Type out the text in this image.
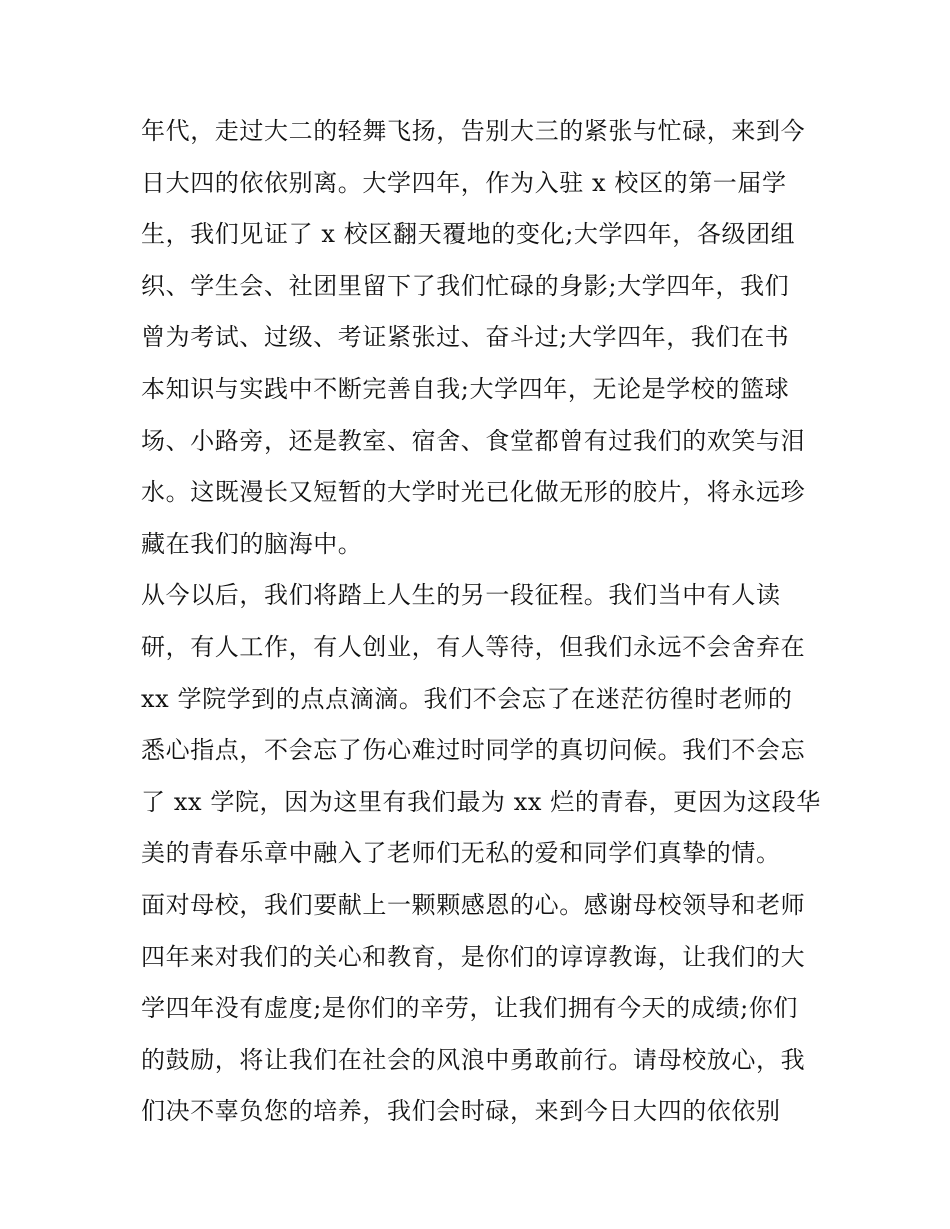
年代，走过大二的轻舞飞扬，告别大三的紧张与忙碌，来到今
日大四的依依别离。大学四年，作为入驻 x 校区的第一届学
生，我们见证了 x 校区翻天覆地的变化;大学四年，各级团组
织、学生会、社团里留下了我们忙碌的身影;大学四年，我们
曾为考试、过级、考证紧张过、奋斗过;大学四年，我们在书
本知识与实践中不断完善自我;大学四年，无论是学校的篮球
场、小路旁，还是教室、宿舍、食堂都曾有过我们的欢笑与泪
水。这既漫长又短暂的大学时光已化做无形的胶片，将永远珍
藏在我们的脑海中。
从今以后，我们将踏上人生的另一段征程。我们当中有人读
研，有人工作，有人创业，有人等待，但我们永远不会舍弃在
xx 学院学到的点点滴滴。我们不会忘了在迷茫彷徨时老师的
悉心指点，不会忘了伤心难过时同学的真切问候。我们不会忘
了 xx 学院，因为这里有我们最为 xx 烂的青春，更因为这段华
美的青春乐章中融入了老师们无私的爱和同学们真挚的情。
面对母校，我们要献上一颗颗感恩的心。感谢母校领导和老师
四年来对我们的关心和教育，是你们的谆谆教诲，让我们的大
学四年没有虚度;是你们的辛劳，让我们拥有今天的成绩;你们
的鼓励，将让我们在社会的风浪中勇敢前行。请母校放心，我
们决不辜负您的培养，我们会时碌，来到今日大四的依依别
